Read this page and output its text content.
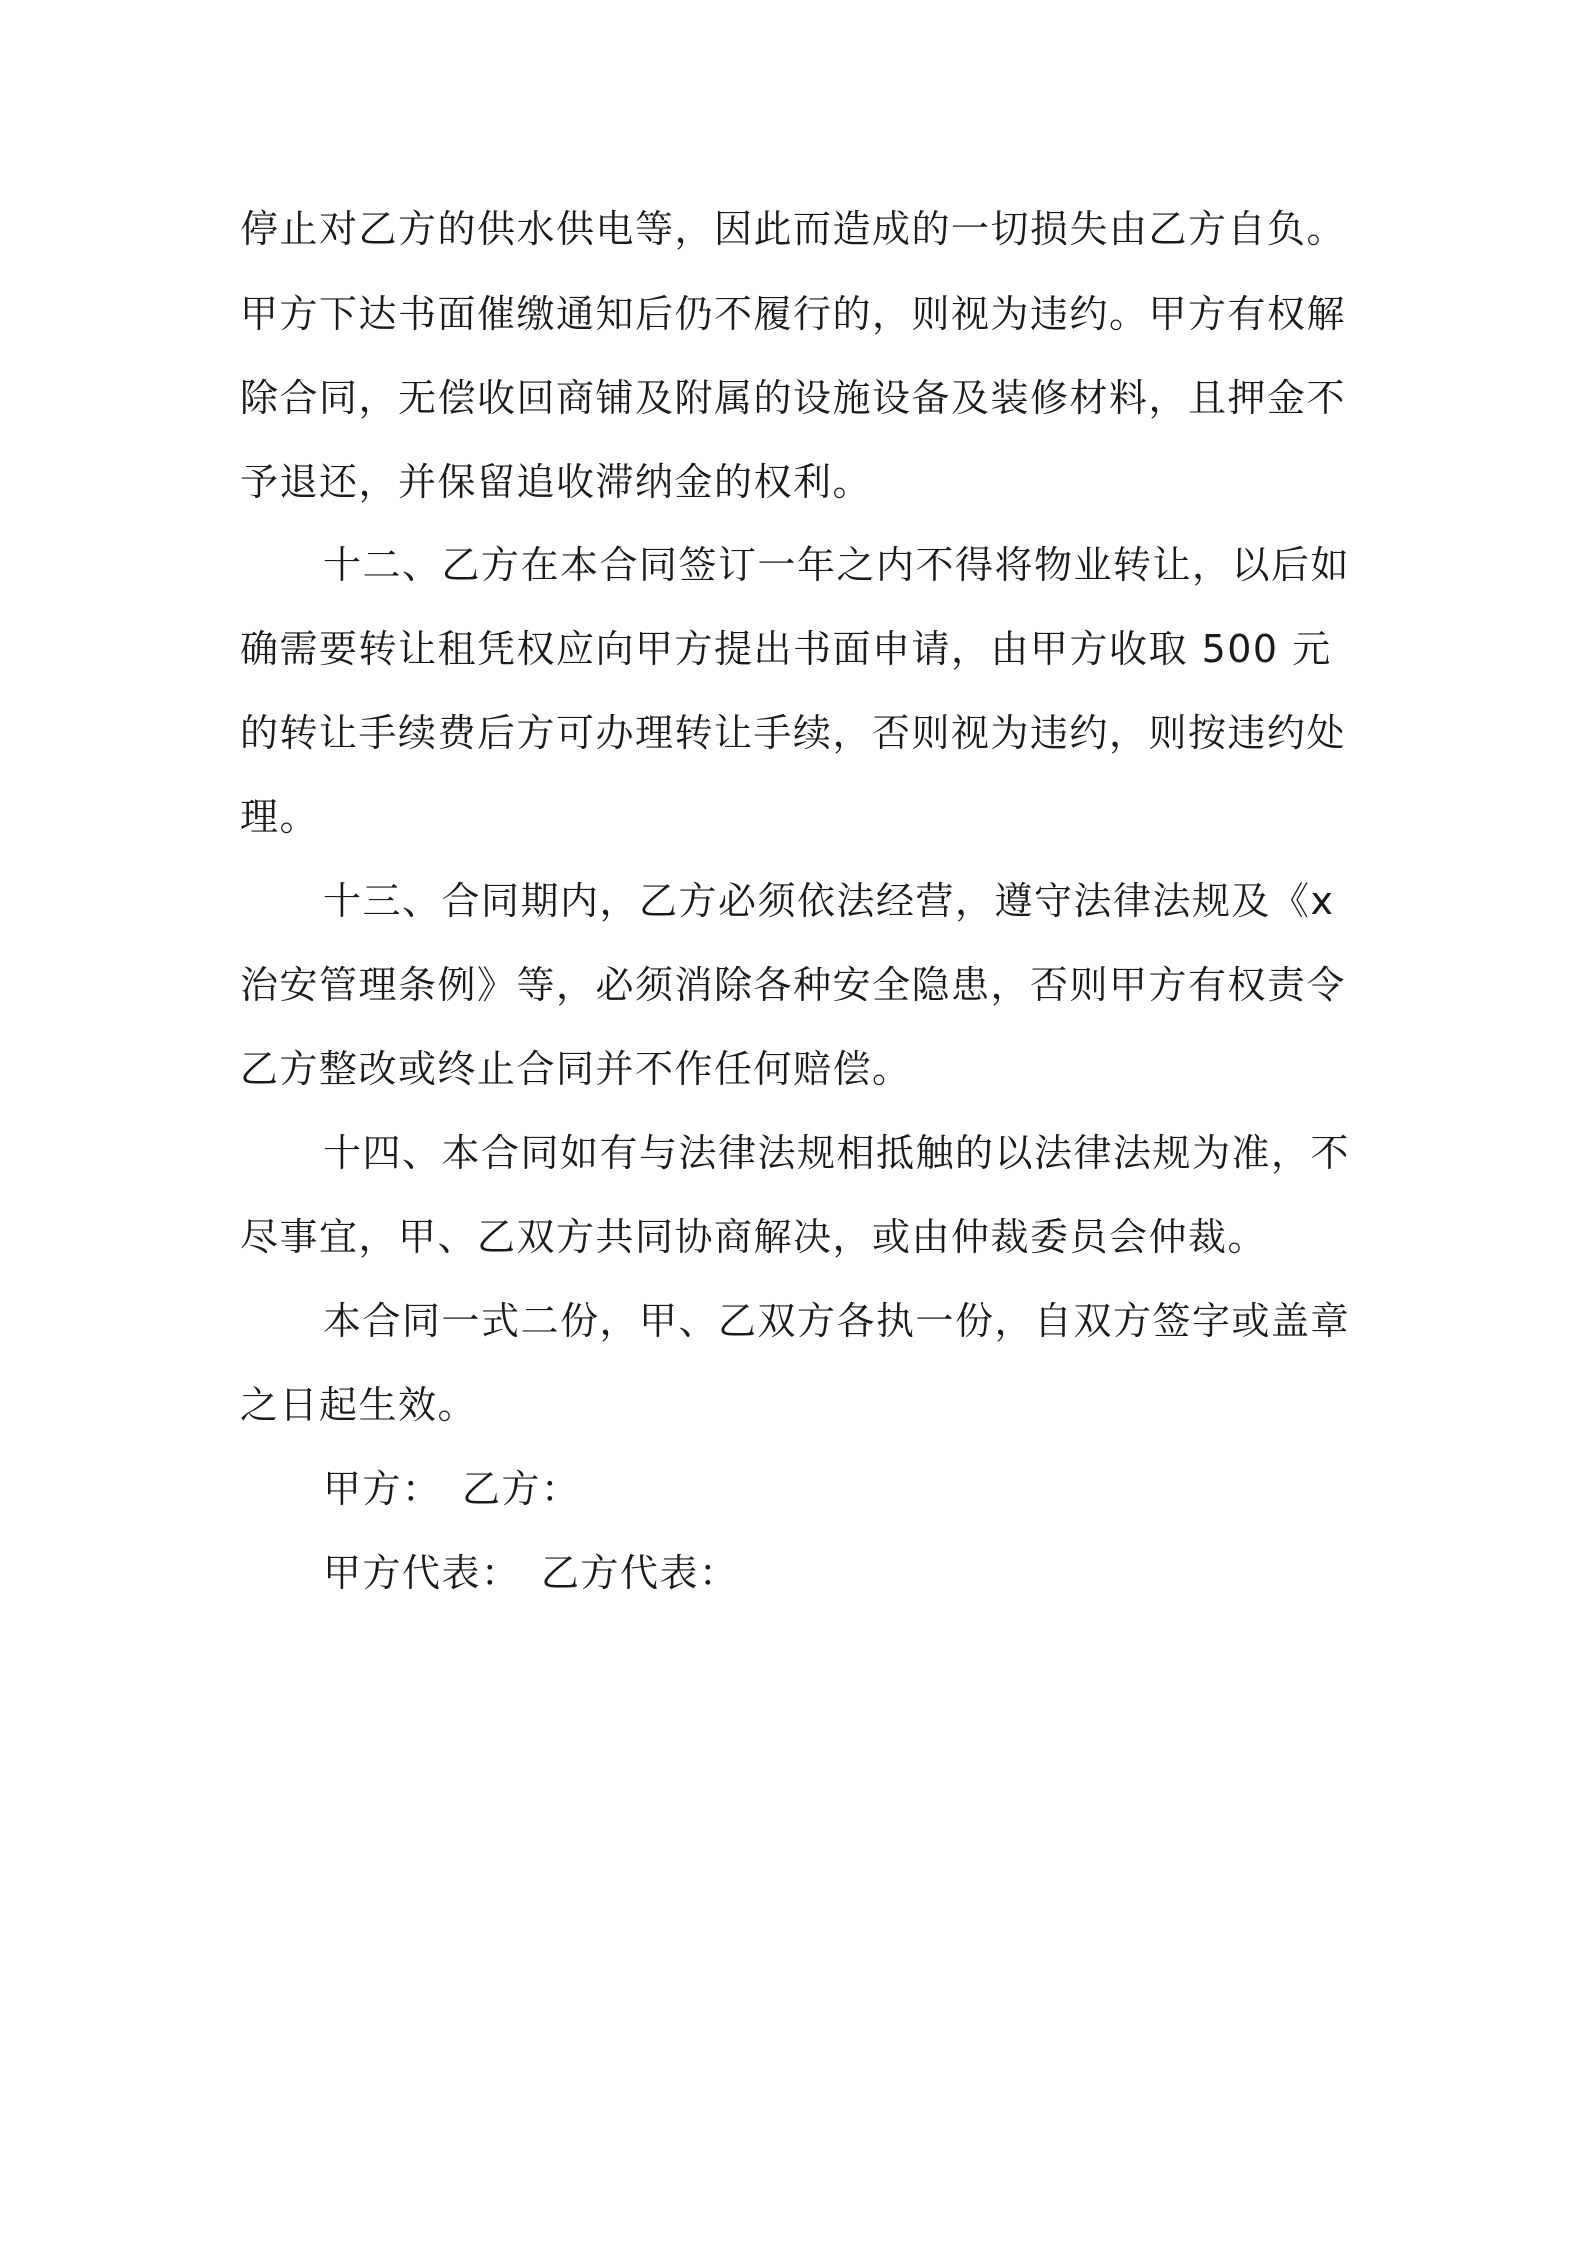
停止对乙方的供水供电等，因此而造成的一切损失由乙方自负。

甲方下达书面催缴通知后仍不履行的，则视为违约。甲方有权解

除合同，无偿收回商铺及附属的设施设备及装修材料，且押金不

予退还，并保留追收滞纳金的权利。

十二、乙方在本合同签订一年之内不得将物业转让，以后如

确需要转让租凭权应向甲方提出书面申请，由甲方收取 500 元

的转让手续费后方可办理转让手续，否则视为违约，则按违约处

理。

十三、合同期内，乙方必须依法经营，遵守法律法规及《x

治安管理条例》等，必须消除各种安全隐患，否则甲方有权责令

乙方整改或终止合同并不作任何赔偿。

十四、本合同如有与法律法规相抵触的以法律法规为准，不

尽事宜，甲、乙双方共同协商解决，或由仲裁委员会仲裁。

本合同一式二份，甲、乙双方各执一份，自双方签字或盖章

之日起生效。

甲方：　乙方：

甲方代表：　乙方代表：
